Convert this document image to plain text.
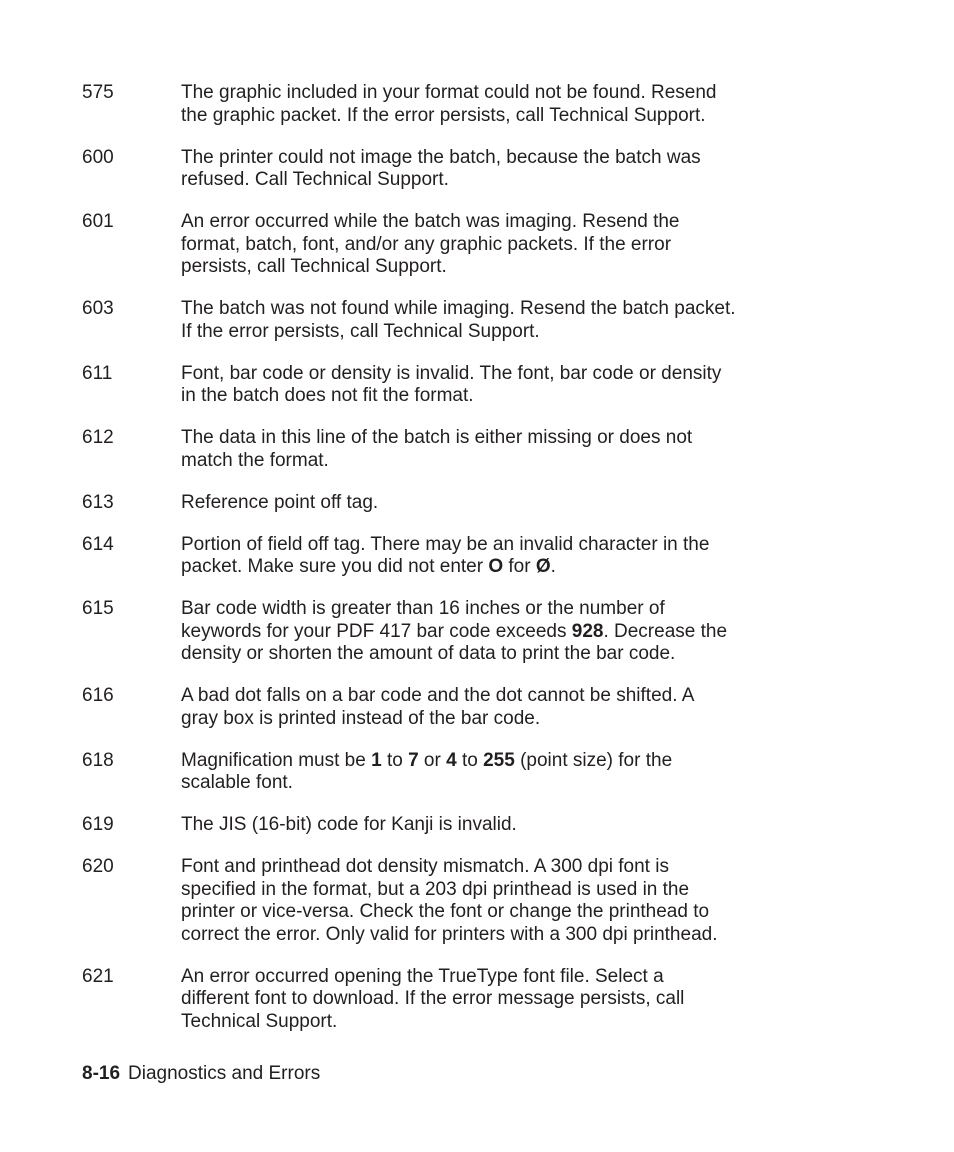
575	The graphic included in your format could not be found. Resend
the graphic packet. If the error persists, call Technical Support.
600	The printer could not image the batch, because the batch was
refused. Call Technical Support.
601	An error occurred while the batch was imaging. Resend the
format, batch, font, and/or any graphic packets. If the error
persists, call Technical Support.
603	The batch was not found while imaging. Resend the batch packet.
If the error persists, call Technical Support.
611	Font, bar code or density is invalid. The font, bar code or density
in the batch does not fit the format.
612	The data in this line of the batch is either missing or does not
match the format.
613	Reference point off tag.
614	Portion of field off tag. There may be an invalid character in the
packet. Make sure you did not enter O for Ø.
615	Bar code width is greater than 16 inches or the number of
keywords for your PDF 417 bar code exceeds 928. Decrease the
density or shorten the amount of data to print the bar code.
616	A bad dot falls on a bar code and the dot cannot be shifted. A
gray box is printed instead of the bar code.
618	Magnification must be 1 to 7 or 4 to 255 (point size) for the
scalable font.
619	The JIS (16-bit) code for Kanji is invalid.
620	Font and printhead dot density mismatch. A 300 dpi font is
specified in the format, but a 203 dpi printhead is used in the
printer or vice-versa. Check the font or change the printhead to
correct the error. Only valid for printers with a 300 dpi printhead.
621	An error occurred opening the TrueType font file. Select a
different font to download. If the error message persists, call
Technical Support.
8-16 Diagnostics and Errors
